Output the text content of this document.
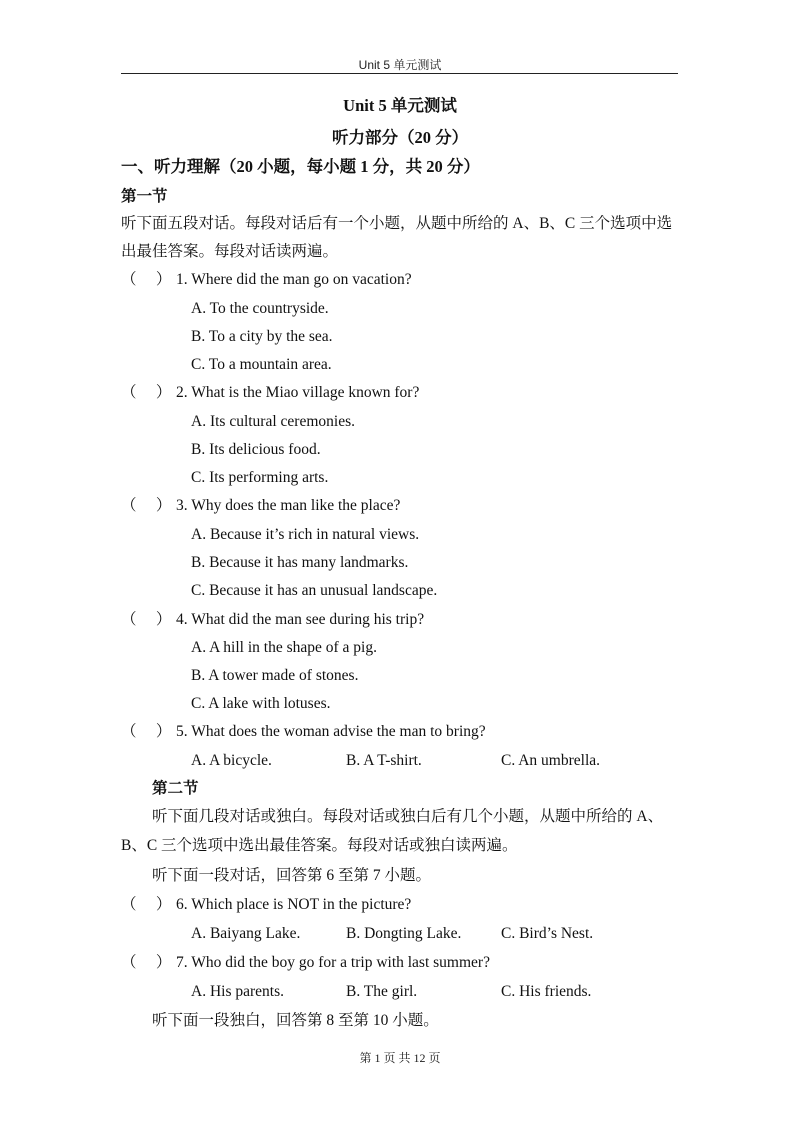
Unit 5 单元测试
Unit 5 单元测试
听力部分（20 分）
一、听力理解（20 小题，每小题 1 分，共 20 分）
第一节
听下面五段对话。每段对话后有一个小题，从题中所给的 A、B、C 三个选项中选
出最佳答案。每段对话读两遍。
（     ） 1. Where did the man go on vacation?
A. To the countryside.
B. To a city by the sea.
C. To a mountain area.
（     ） 2. What is the Miao village known for?
A. Its cultural ceremonies.
B. Its delicious food.
C. Its performing arts.
（     ） 3. Why does the man like the place?
A. Because it’s rich in natural views.
B. Because it has many landmarks.
C. Because it has an unusual landscape.
（     ） 4. What did the man see during his trip?
A. A hill in the shape of a pig.
B. A tower made of stones.
C. A lake with lotuses.
（     ） 5. What does the woman advise the man to bring?
A. A bicycle.	B. A T-shirt.	C. An umbrella.
第二节
听下面几段对话或独白。每段对话或独白后有几个小题，从题中所给的 A、
B、C 三个选项中选出最佳答案。每段对话或独白读两遍。
听下面一段对话，回答第 6 至第 7 小题。
（     ） 6. Which place is NOT in the picture?
A. Baiyang Lake.	B. Dongting Lake.	C. Bird’s Nest.
（     ） 7. Who did the boy go for a trip with last summer?
A. His parents.	B. The girl.	C. His friends.
听下面一段独白，回答第 8 至第 10 小题。
第 1 页 共 12 页
